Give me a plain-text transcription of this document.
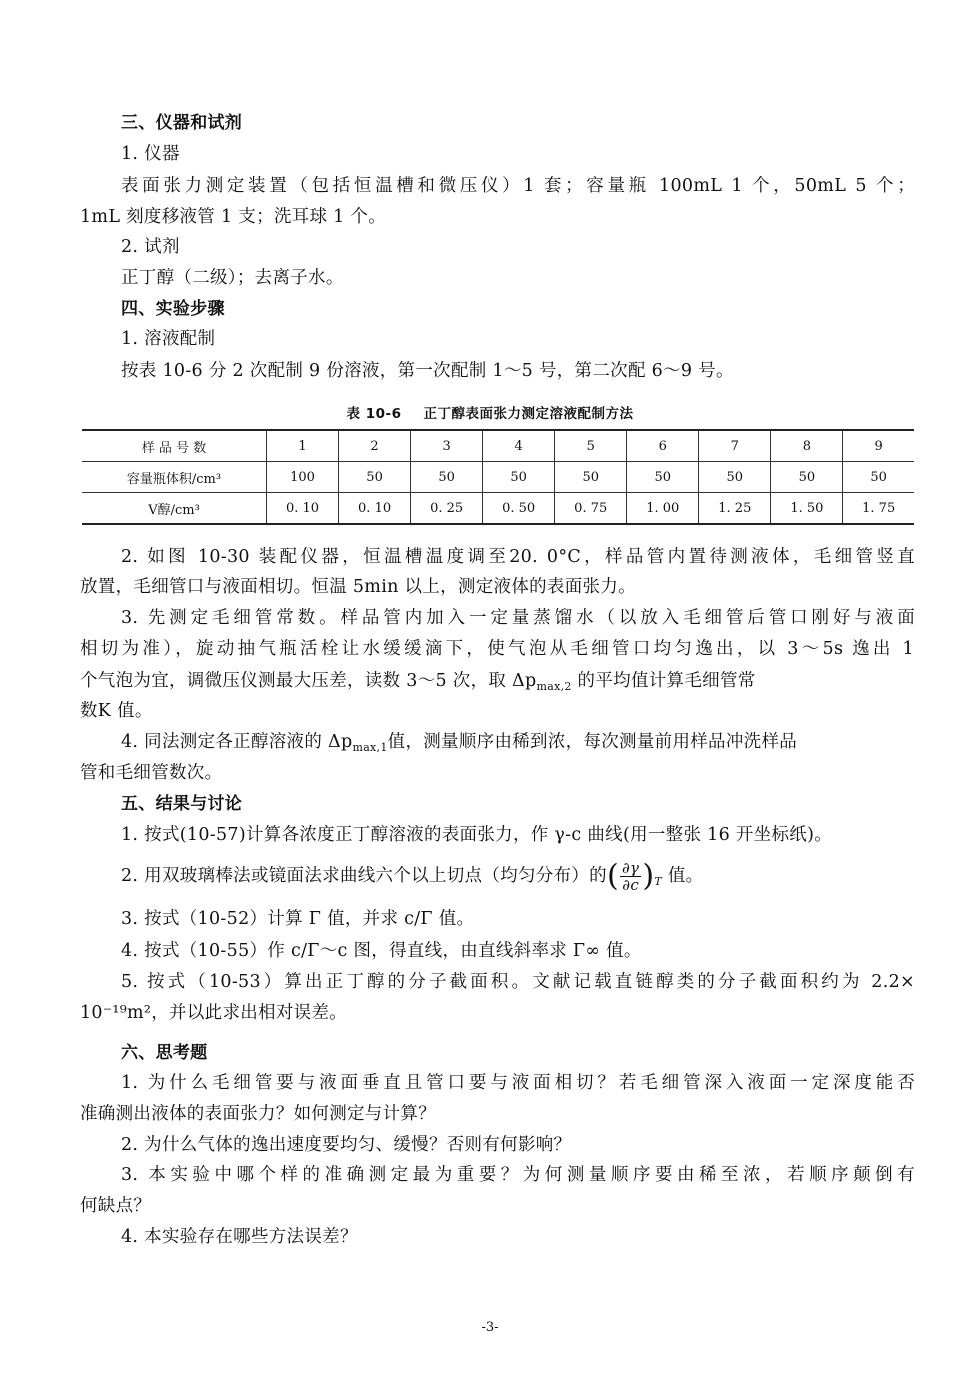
三、仪器和试剂

1. 仪器

表面张力测定装置（包括恒温槽和微压仪）1 套；容量瓶 100mL 1 个，50mL 5 个；

1mL 刻度移液管 1 支；洗耳球 1 个。

2. 试剂

正丁醇（二级）；去离子水。

四、实验步骤

1. 溶液配制

按表 10-6 分 2 次配制 9 份溶液，第一次配制 1～5 号，第二次配 6～9 号。

表 10-6 正丁醇表面张力测定溶液配制方法
样 品 号 数	1	2	3	4	5	6	7	8	9
容量瓶体积/cm³	100	50	50	50	50	50	50	50	50
V醇/cm³	0. 10	0. 10	0. 25	0. 50	0. 75	1. 00	1. 25	1. 50	1. 75

2. 如图 10-30 装配仪器，恒温槽温度调至20. 0°C，样品管内置待测液体，毛细管竖直

放置，毛细管口与液面相切。恒温 5min 以上，测定液体的表面张力。

3. 先测定毛细管常数。样品管内加入一定量蒸馏水（以放入毛细管后管口刚好与液面

相切为准），旋动抽气瓶活栓让水缓缓滴下，使气泡从毛细管口均匀逸出，以 3～5s 逸出 1

个气泡为宜，调微压仪测最大压差，读数 3～5 次，取 $\Delta p_{max,2}$ 的平均值计算毛细管常

数K 值。

4. 同法测定各正醇溶液的 $\Delta p_{max,1}$值，测量顺序由稀到浓，每次测量前用样品冲洗样品

管和毛细管数次。

五、结果与讨论

1. 按式(10-57)计算各浓度正丁醇溶液的表面张力，作 γ-c 曲线(用一整张 16 开坐标纸)。

2. 用双玻璃棒法或镜面法求曲线六个以上切点（均匀分布）的( $\frac{\partial\gamma}{\partial c} )_T$ 值。

3. 按式（10-52）计算 Γ 值，并求 c/Γ 值。

4. 按式（10-55）作 c/Γ～c 图，得直线，由直线斜率求 Γ∞ 值。

5. 按式（10-53）算出正丁醇的分子截面积。文献记载直链醇类的分子截面积约为 2.2×

10⁻¹⁹m²，并以此求出相对误差。

六、思考题

1. 为什么毛细管要与液面垂直且管口要与液面相切？若毛细管深入液面一定深度能否

准确测出液体的表面张力？如何测定与计算？

2. 为什么气体的逸出速度要均匀、缓慢？否则有何影响？

3. 本实验中哪个样的准确测定最为重要？为何测量顺序要由稀至浓，若顺序颠倒有

何缺点？

4. 本实验存在哪些方法误差？

-3-
